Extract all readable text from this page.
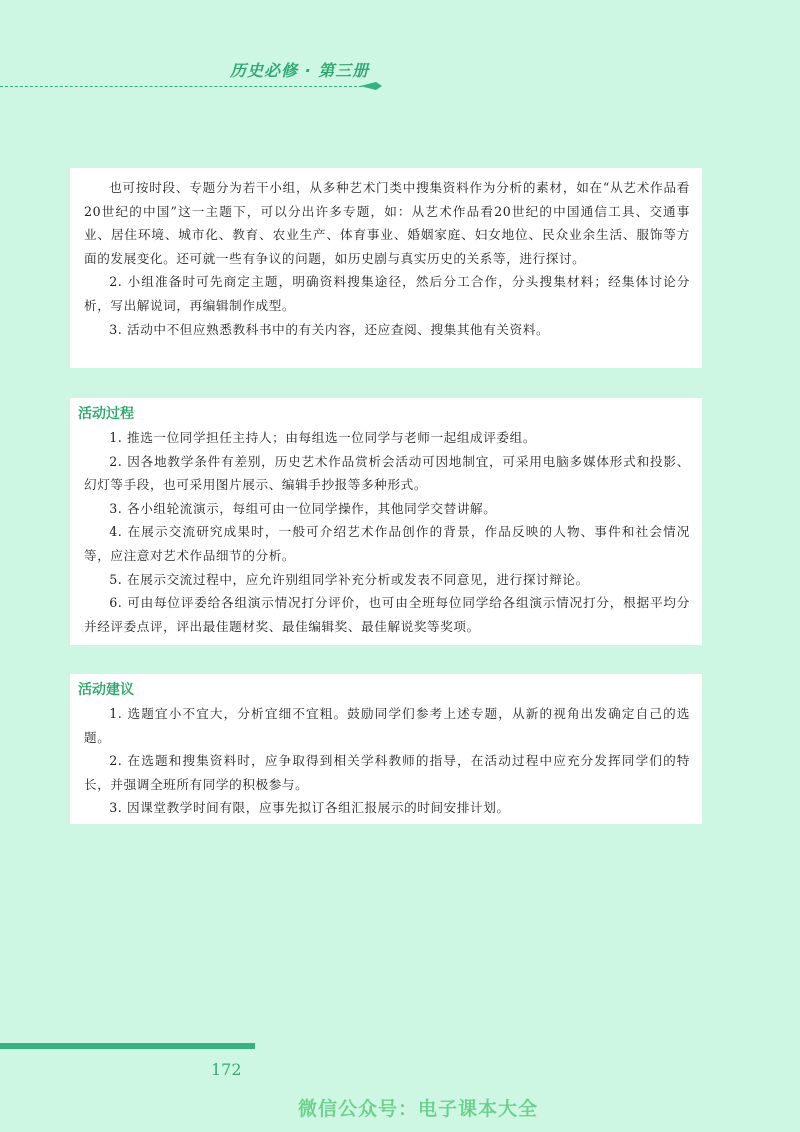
历史必修 · 第三册

也可按时段、专题分为若干小组，从多种艺术门类中搜集资料作为分析的素材，如在“从艺术作品看20世纪的中国”这一主题下，可以分出许多专题，如：从艺术作品看20世纪的中国通信工具、交通事业、居住环境、城市化、教育、农业生产、体育事业、婚姻家庭、妇女地位、民众业余生活、服饰等方面的发展变化。还可就一些有争议的问题，如历史剧与真实历史的关系等，进行探讨。

2. 小组准备时可先商定主题，明确资料搜集途径，然后分工合作，分头搜集材料；经集体讨论分析，写出解说词，再编辑制作成型。

3. 活动中不但应熟悉教科书中的有关内容，还应查阅、搜集其他有关资料。

活动过程

1. 推选一位同学担任主持人；由每组选一位同学与老师一起组成评委组。

2. 因各地教学条件有差别，历史艺术作品赏析会活动可因地制宜，可采用电脑多媒体形式和投影、幻灯等手段，也可采用图片展示、编辑手抄报等多种形式。

3. 各小组轮流演示，每组可由一位同学操作，其他同学交替讲解。

4. 在展示交流研究成果时，一般可介绍艺术作品创作的背景，作品反映的人物、事件和社会情况等，应注意对艺术作品细节的分析。

5. 在展示交流过程中，应允许别组同学补充分析或发表不同意见，进行探讨辩论。

6. 可由每位评委给各组演示情况打分评价，也可由全班每位同学给各组演示情况打分，根据平均分并经评委点评，评出最佳题材奖、最佳编辑奖、最佳解说奖等奖项。

活动建议

1. 选题宜小不宜大，分析宜细不宜粗。鼓励同学们参考上述专题，从新的视角出发确定自己的选题。

2. 在选题和搜集资料时，应争取得到相关学科教师的指导，在活动过程中应充分发挥同学们的特长，并强调全班所有同学的积极参与。

3. 因课堂教学时间有限，应事先拟订各组汇报展示的时间安排计划。

172
微信公众号：电子课本大全
